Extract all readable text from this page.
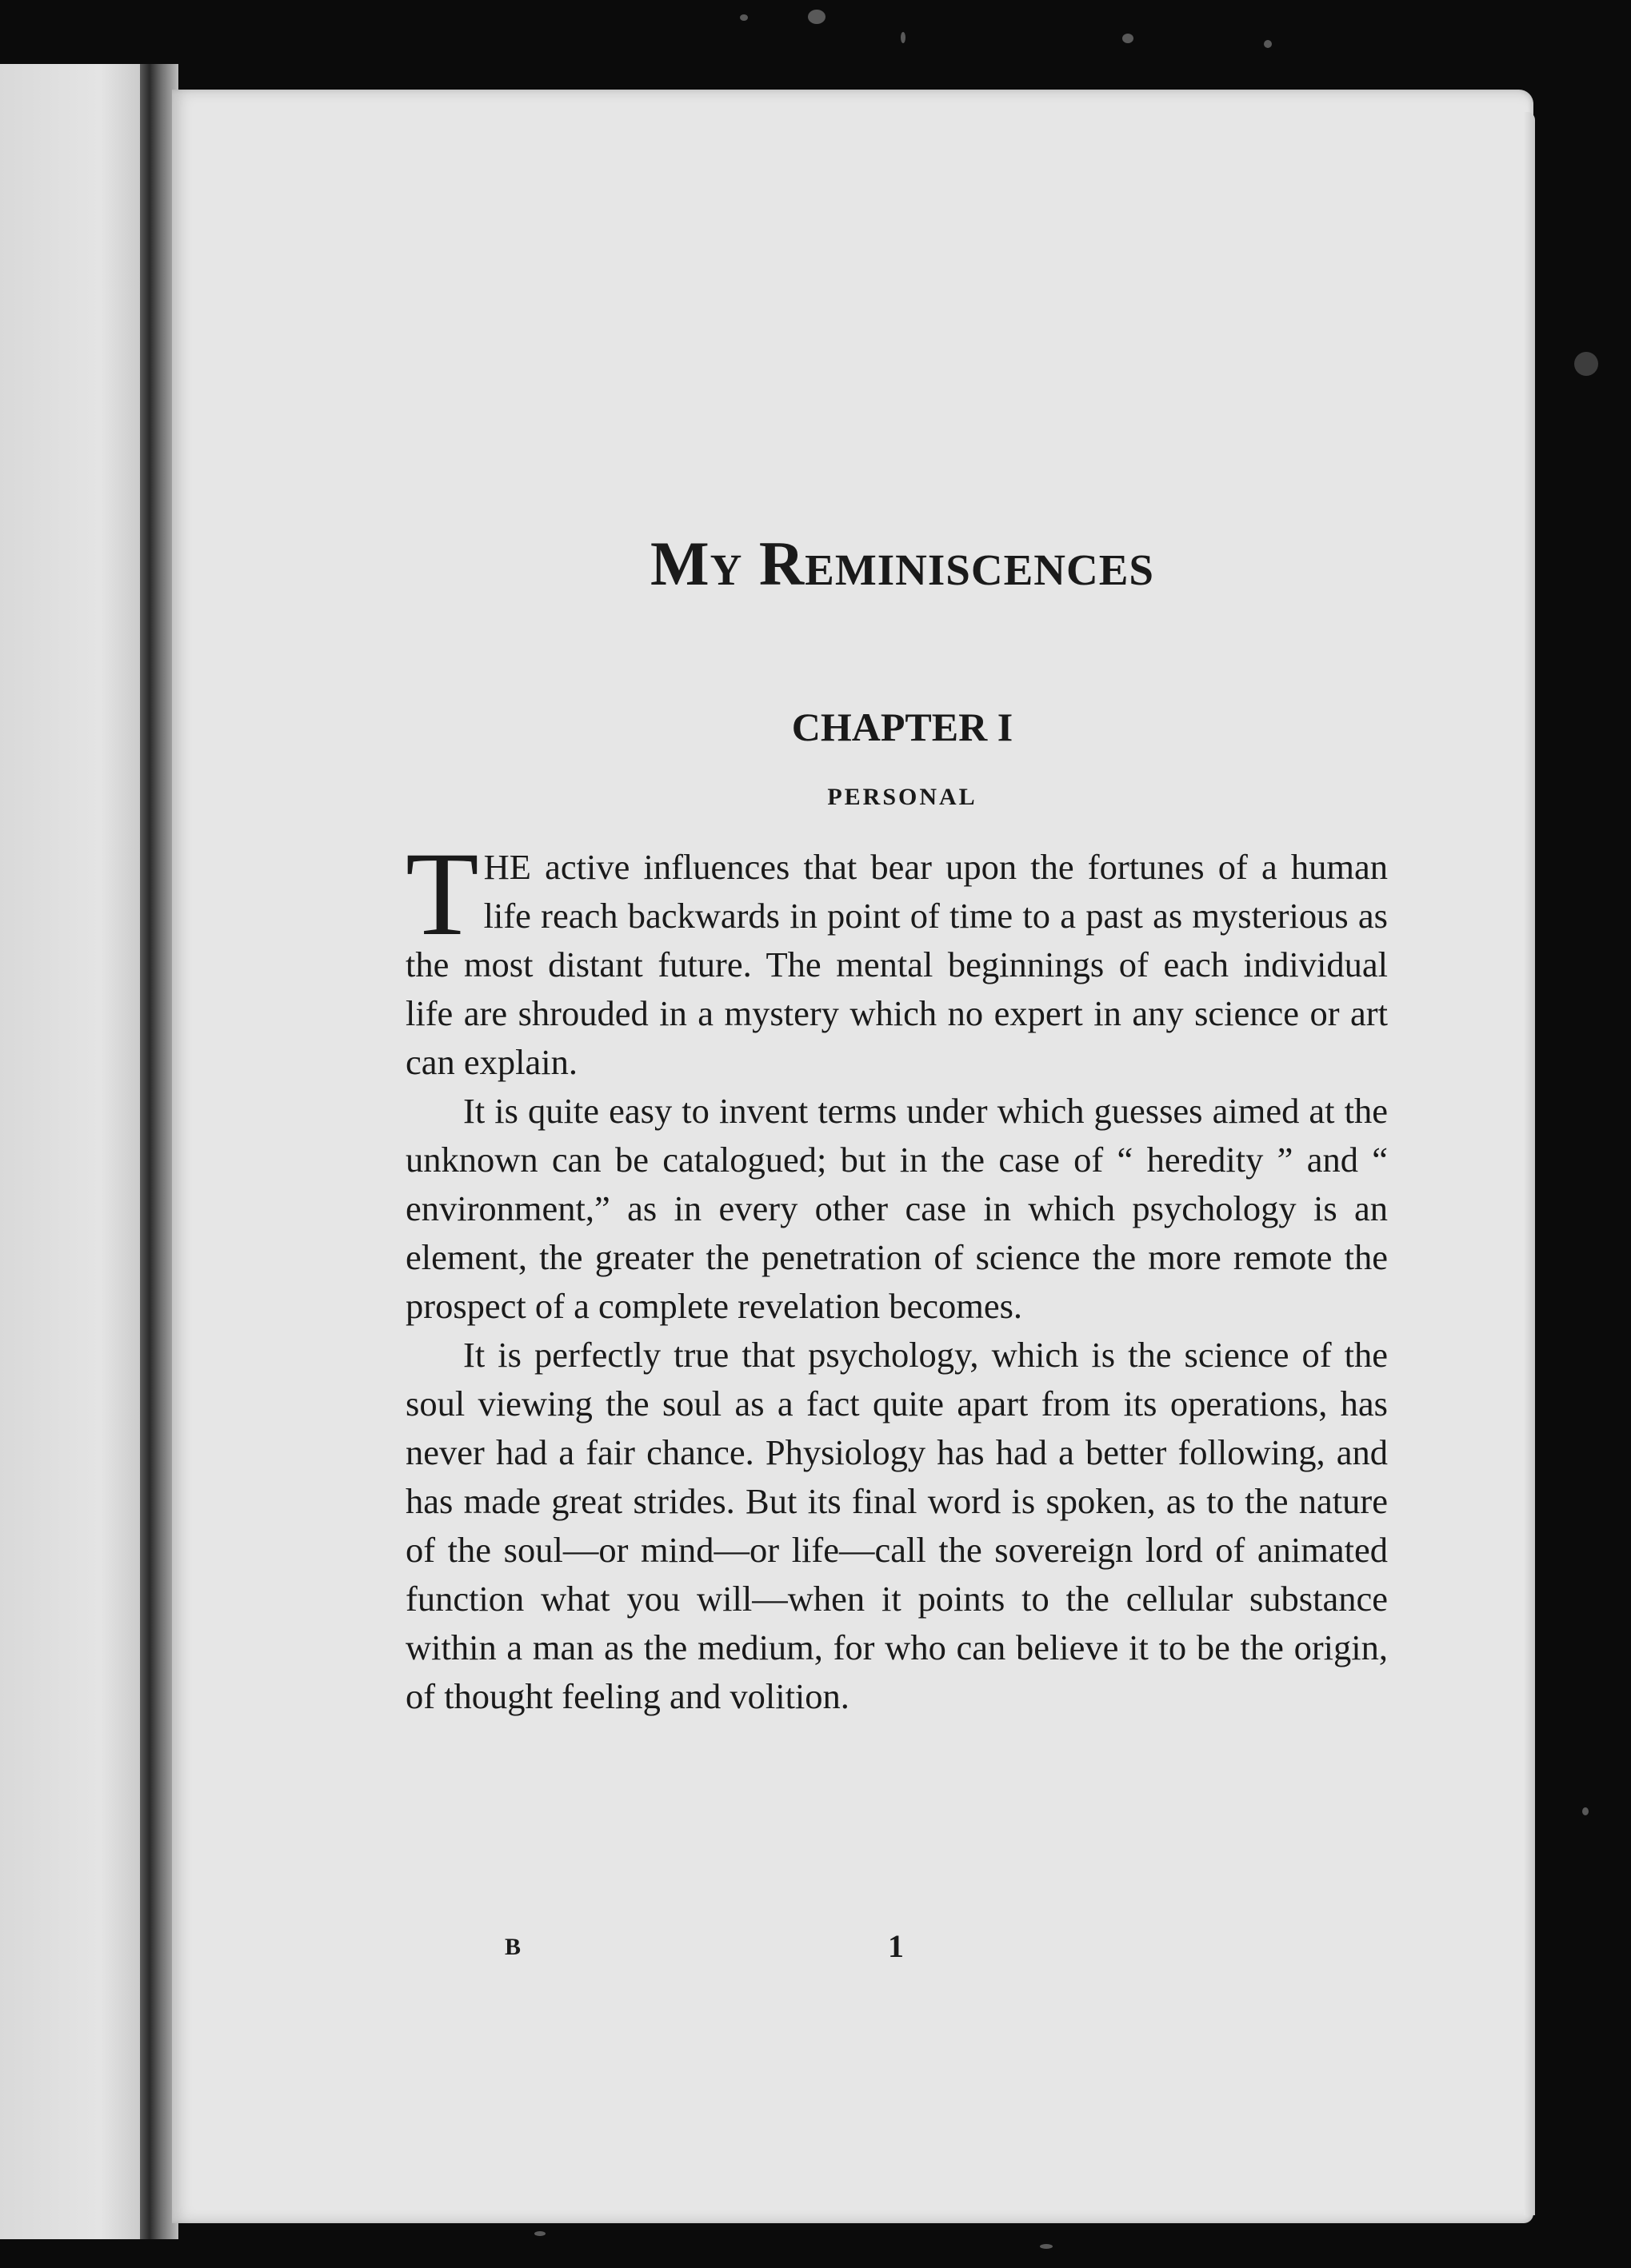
My Reminiscences
CHAPTER I
PERSONAL

THE active influences that bear upon the fortunes of a human life reach backwards in point of time to a past as mysterious as the most distant future. The mental beginnings of each individual life are shrouded in a mystery which no expert in any science or art can explain.

It is quite easy to invent terms under which guesses aimed at the unknown can be catalogued; but in the case of “ heredity ” and “ environment,” as in every other case in which psychology is an element, the greater the penetration of science the more remote the prospect of a complete revelation becomes.

It is perfectly true that psychology, which is the science of the soul viewing the soul as a fact quite apart from its operations, has never had a fair chance. Physiology has had a better following, and has made great strides. But its final word is spoken, as to the nature of the soul—or mind—or life—call the sovereign lord of animated function what you will—when it points to the cellular substance within a man as the medium, for who can believe it to be the origin, of thought feeling and volition.

B	1
